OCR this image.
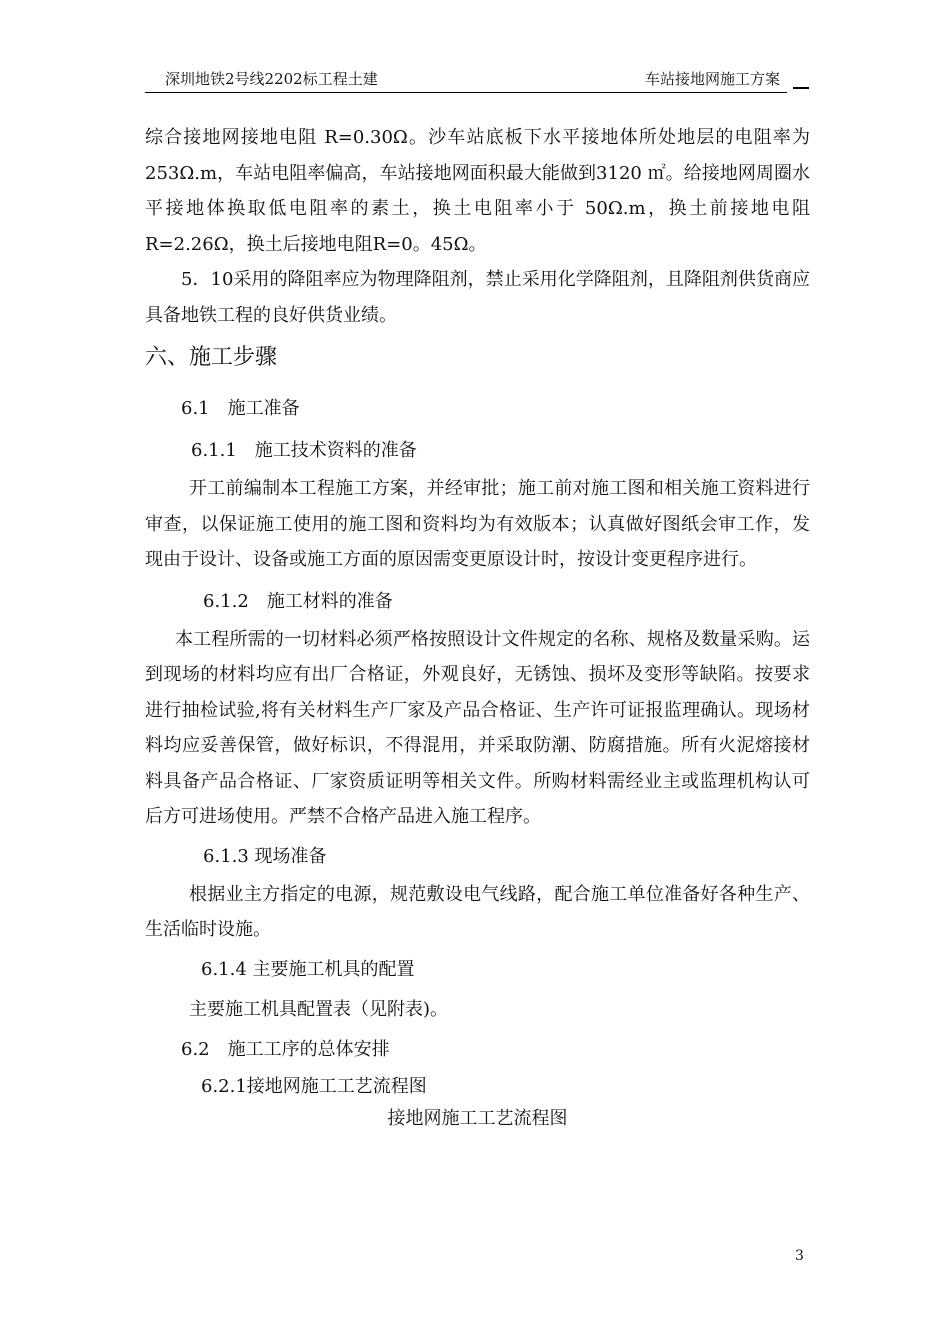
深圳地铁2号线2202标工程土建	车站接地网施工方案

综合接地网接地电阻 R=0.30Ω。沙车站底板下水平接地体所处地层的电阻率为253Ω.m，车站电阻率偏高，车站接地网面积最大能做到3120 ㎡。给接地网周圈水平接地体换取低电阻率的素土，换土电阻率小于 50Ω.m，换土前接地电阻R=2.26Ω，换土后接地电阻R=0。45Ω。

5．10采用的降阻率应为物理降阻剂，禁止采用化学降阻剂，且降阻剂供货商应具备地铁工程的良好供货业绩。

六、施工步骤

6.1　施工准备

6.1.1　施工技术资料的准备

开工前编制本工程施工方案，并经审批；施工前对施工图和相关施工资料进行审查，以保证施工使用的施工图和资料均为有效版本；认真做好图纸会审工作，发现由于设计、设备或施工方面的原因需变更原设计时，按设计变更程序进行。

6.1.2　施工材料的准备

本工程所需的一切材料必须严格按照设计文件规定的名称、规格及数量采购。运到现场的材料均应有出厂合格证，外观良好，无锈蚀、损坏及变形等缺陷。按要求进行抽检试验,将有关材料生产厂家及产品合格证、生产许可证报监理确认。现场材料均应妥善保管，做好标识，不得混用，并采取防潮、防腐措施。所有火泥熔接材料具备产品合格证、厂家资质证明等相关文件。所购材料需经业主或监理机构认可后方可进场使用。严禁不合格产品进入施工程序。

6.1.3 现场准备

根据业主方指定的电源，规范敷设电气线路，配合施工单位准备好各种生产、生活临时设施。

6.1.4 主要施工机具的配置

主要施工机具配置表（见附表)。

6.2　施工工序的总体安排

6.2.1接地网施工工艺流程图

接地网施工工艺流程图

3
